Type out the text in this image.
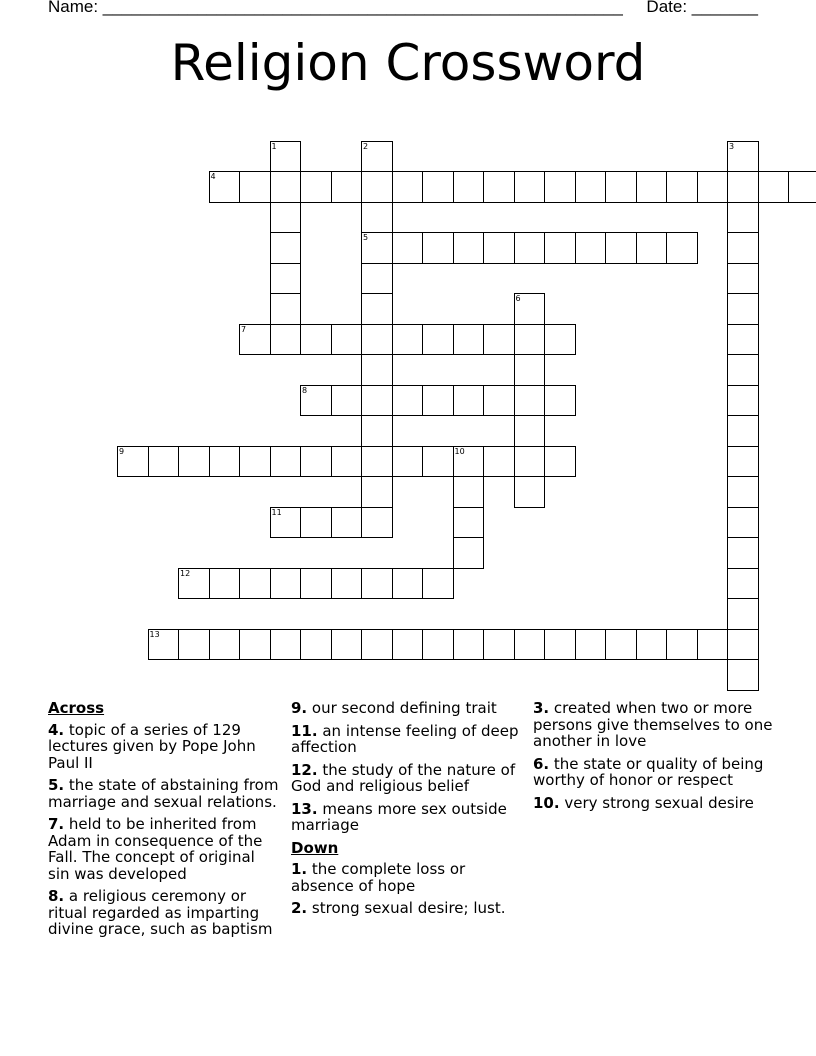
Name: _______________________________________________________     Date: _______
Religion Crossword
1	2	3
4
5
6
7
8
9	10
11
12
13
Across
4. topic of a series of 129 lectures given by Pope John Paul II
5. the state of abstaining from marriage and sexual relations.
7. held to be inherited from Adam in consequence of the Fall. The concept of original sin was developed
8. a religious ceremony or ritual regarded as imparting divine grace, such as baptism
9. our second defining trait
11. an intense feeling of deep affection
12. the study of the nature of God and religious belief
13. means more sex outside marriage
Down
1. the complete loss or absence of hope
2. strong sexual desire; lust.
3. created when two or more persons give themselves to one another in love
6. the state or quality of being worthy of honor or respect
10. very strong sexual desire
